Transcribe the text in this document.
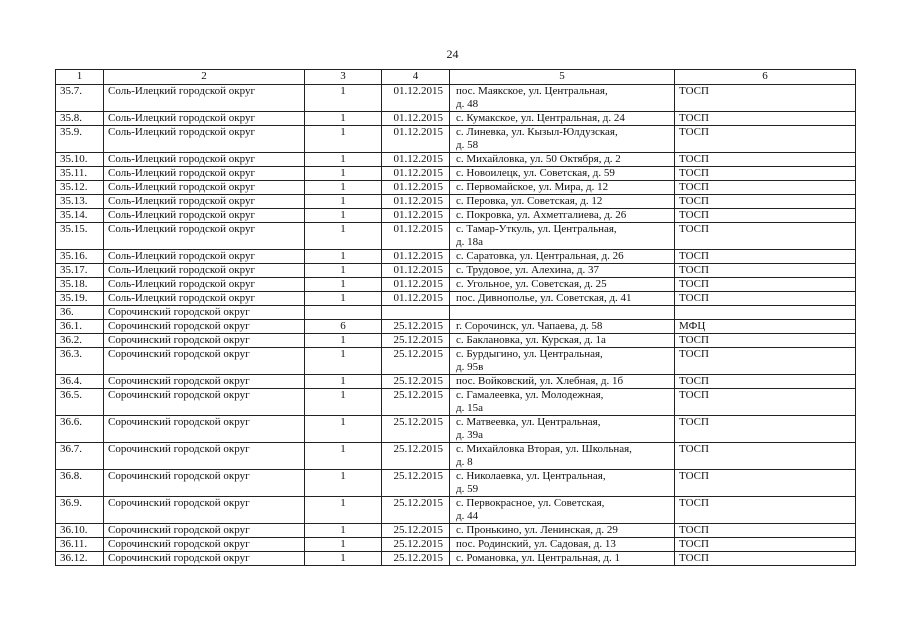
24
1	2	3	4	5	6
35.7.	Соль-Илецкий городской округ	1	01.12.2015	пос. Маякское, ул. Центральная,
д. 48	ТОСП
35.8.	Соль-Илецкий городской округ	1	01.12.2015	с. Кумакское, ул. Центральная, д. 24	ТОСП
35.9.	Соль-Илецкий городской округ	1	01.12.2015	с. Линевка, ул. Кызыл-Юлдузская,
д. 58	ТОСП
35.10.	Соль-Илецкий городской округ	1	01.12.2015	с. Михайловка, ул. 50 Октября, д. 2	ТОСП
35.11.	Соль-Илецкий городской округ	1	01.12.2015	с. Новоилецк, ул. Советская, д. 59	ТОСП
35.12.	Соль-Илецкий городской округ	1	01.12.2015	с. Первомайское, ул. Мира, д. 12	ТОСП
35.13.	Соль-Илецкий городской округ	1	01.12.2015	с. Перовка, ул. Советская, д. 12	ТОСП
35.14.	Соль-Илецкий городской округ	1	01.12.2015	с. Покровка, ул. Ахметгалиева, д. 26	ТОСП
35.15.	Соль-Илецкий городской округ	1	01.12.2015	с. Тамар-Уткуль, ул. Центральная,
д. 18а	ТОСП
35.16.	Соль-Илецкий городской округ	1	01.12.2015	с. Саратовка, ул. Центральная, д. 26	ТОСП
35.17.	Соль-Илецкий городской округ	1	01.12.2015	с. Трудовое, ул. Алехина, д. 37	ТОСП
35.18.	Соль-Илецкий городской округ	1	01.12.2015	с. Угольное, ул. Советская, д. 25	ТОСП
35.19.	Соль-Илецкий городской округ	1	01.12.2015	пос. Дивнополье, ул. Советская, д. 41	ТОСП
36.	Сорочинский городской округ				
36.1.	Сорочинский городской округ	6	25.12.2015	г. Сорочинск, ул. Чапаева, д. 58	МФЦ
36.2.	Сорочинский городской округ	1	25.12.2015	с. Баклановка, ул. Курская, д. 1а	ТОСП
36.3.	Сорочинский городской округ	1	25.12.2015	с. Бурдыгино, ул. Центральная,
д. 95в	ТОСП
36.4.	Сорочинский городской округ	1	25.12.2015	пос. Войковский, ул. Хлебная, д. 1б	ТОСП
36.5.	Сорочинский городской округ	1	25.12.2015	с. Гамалеевка, ул. Молодежная,
д. 15а	ТОСП
36.6.	Сорочинский городской округ	1	25.12.2015	с. Матвеевка, ул. Центральная,
д. 39а	ТОСП
36.7.	Сорочинский городской округ	1	25.12.2015	с. Михайловка Вторая, ул. Школьная,
д. 8	ТОСП
36.8.	Сорочинский городской округ	1	25.12.2015	с. Николаевка, ул. Центральная,
д. 59	ТОСП
36.9.	Сорочинский городской округ	1	25.12.2015	с. Первокрасное, ул. Советская,
д. 44	ТОСП
36.10.	Сорочинский городской округ	1	25.12.2015	с. Пронькино, ул. Ленинская, д. 29	ТОСП
36.11.	Сорочинский городской округ	1	25.12.2015	пос. Родинский, ул. Садовая, д. 13	ТОСП
36.12.	Сорочинский городской округ	1	25.12.2015	с. Романовка, ул. Центральная, д. 1	ТОСП
